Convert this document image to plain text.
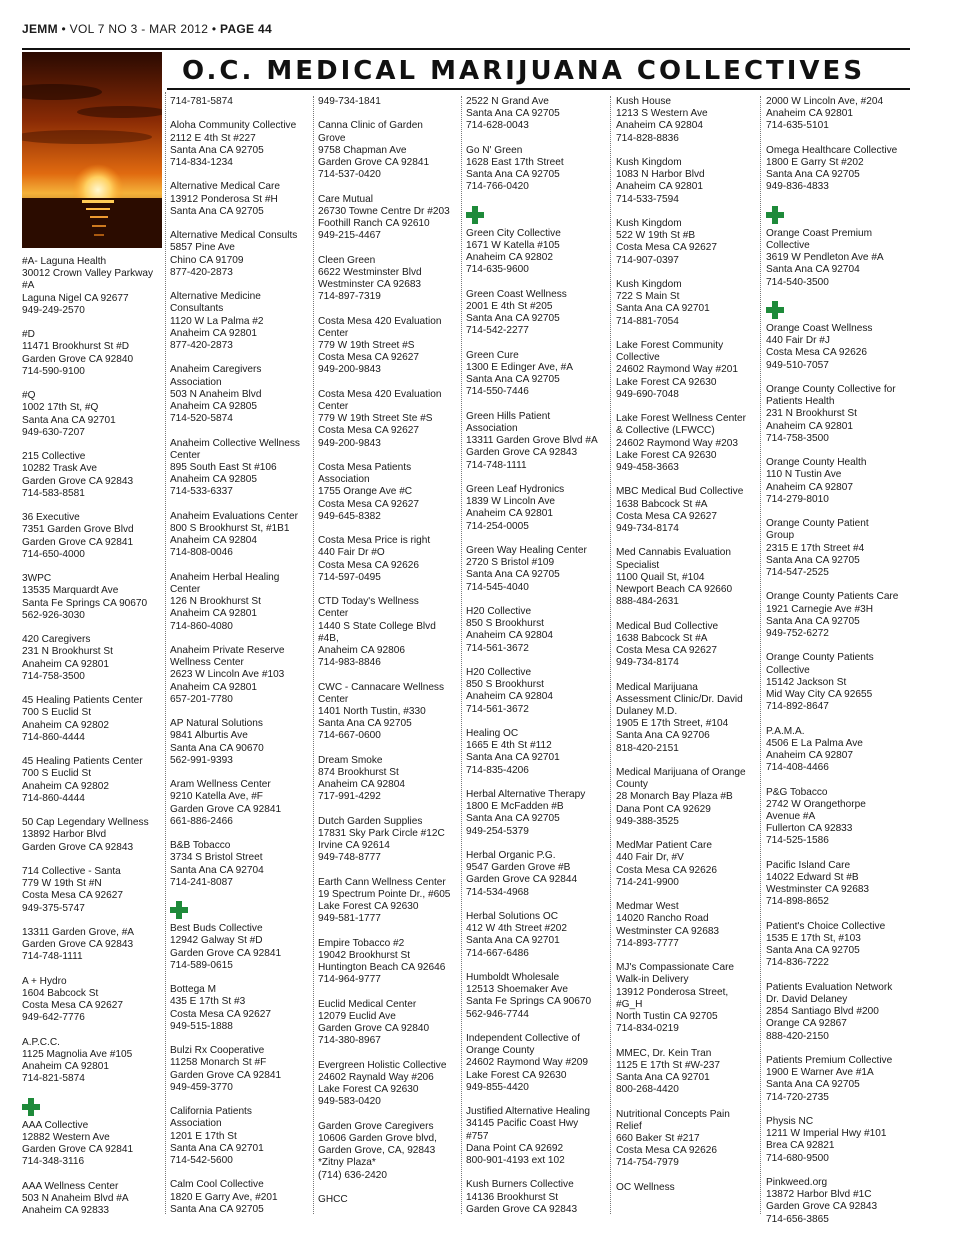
JEMM • VOL 7 NO 3 - MAR 2012 • PAGE 44
O.C. MEDICAL MARIJUANA COLLECTIVES
#A- Laguna Health
30012 Crown Valley Parkway
#A
Laguna Nigel CA 92677
949-249-2570
#D
11471 Brookhurst St #D
Garden Grove CA 92840
714-590-9100
#Q
1002 17th St, #Q
Santa Ana CA 92701
949-630-7207
215 Collective
10282 Trask Ave
Garden Grove CA 92843
714-583-8581
36 Executive
7351 Garden Grove Blvd
Garden Grove CA 92841
714-650-4000
3WPC
13535 Marquardt Ave
Santa Fe Springs CA 90670
562-926-3030
420 Caregivers
231 N Brookhurst St
Anaheim CA 92801
714-758-3500
45 Healing Patients Center
700 S Euclid St
Anaheim CA 92802
714-860-4444
45 Healing Patients Center
700 S Euclid St
Anaheim CA 92802
714-860-4444
50 Cap Legendary Wellness
13892 Harbor Blvd
Garden Grove CA 92843
714 Collective - Santa
779 W 19th St #N
Costa Mesa CA 92627
949-375-5747
13311 Garden Grove, #A
Garden Grove CA 92843
714-748-1111
A + Hydro
1604 Babcock St
Costa Mesa CA 92627
949-642-7776
A.P.C.C.
1125 Magnolia Ave #105
Anaheim CA 92801
714-821-5874
AAA Collective
12882 Western Ave
Garden Grove CA 92841
714-348-3116
AAA Wellness Center
503 N Anaheim Blvd #A
Anaheim CA 92833
714-781-5874
Aloha Community Collective
2112 E 4th St #227
Santa Ana CA 92705
714-834-1234
Alternative Medical Care
13912 Ponderosa St #H
Santa Ana CA 92705
Alternative Medical Consults
5857 Pine Ave
Chino CA 91709
877-420-2873
Alternative Medicine
Consultants
1120 W La Palma #2
Anaheim CA 92801
877-420-2873
Anaheim Caregivers
Association
503 N Anaheim Blvd
Anaheim CA 92805
714-520-5874
Anaheim Collective Wellness
Center
895 South East St #106
Anaheim CA 92805
714-533-6337
Anaheim Evaluations Center
800 S Brookhurst St, #1B1
Anaheim CA 92804
714-808-0046
Anaheim Herbal Healing
Center
126 N Brookhurst St
Anaheim CA 92801
714-860-4080
Anaheim Private Reserve
Wellness Center
2623 W Lincoln Ave #103
Anaheim CA 92801
657-201-7780
AP Natural Solutions
9841 Alburtis Ave
Santa Ana CA 90670
562-991-9393
Aram Wellness Center
9210 Katella Ave, #F
Garden Grove CA 92841
661-886-2466
B&B Tobacco
3734 S Bristol Street
Santa Ana CA 92704
714-241-8087
Best Buds Collective
12942 Galway St #D
Garden Grove CA 92841
714-589-0615
Bottega M
435 E 17th St #3
Costa Mesa CA 92627
949-515-1888
Bulzi Rx Cooperative
11258 Monarch St #F
Garden Grove CA 92841
949-459-3770
California Patients
Association
1201 E 17th St
Santa Ana CA 92701
714-542-5600
Calm Cool Collective
1820 E Garry Ave, #201
Santa Ana CA 92705
949-734-1841
Canna Clinic of Garden
Grove
9758 Chapman Ave
Garden Grove CA 92841
714-537-0420
Care Mutual
26730 Towne Centre Dr #203
Foothill Ranch CA 92610
949-215-4467
Cleen Green
6622 Westminster Blvd
Westminster CA 92683
714-897-7319
Costa Mesa 420 Evaluation
Center
779 W 19th Street #S
Costa Mesa CA 92627
949-200-9843
Costa Mesa 420 Evaluation
Center
779 W 19th Street Ste #S
Costa Mesa CA 92627
949-200-9843
Costa Mesa Patients
Association
1755 Orange Ave #C
Costa Mesa CA 92627
949-645-8382
Costa Mesa Price is right
440 Fair Dr #O
Costa Mesa CA 92626
714-597-0495
CTD Today's Wellness
Center
1440 S State College Blvd
#4B,
Anaheim CA 92806
714-983-8846
CWC - Cannacare Wellness
Center
1401 North Tustin, #330
Santa Ana CA 92705
714-667-0600
Dream Smoke
874 Brookhurst St
Anaheim CA 92804
717-991-4292
Dutch Garden Supplies
17831 Sky Park Circle #12C
Irvine CA 92614
949-748-8777
Earth Cann Wellness Center
19 Spectrum Pointe Dr., #605
Lake Forest CA 92630
949-581-1777
Empire Tobacco #2
19042 Brookhurst St
Huntington Beach CA 92646
714-964-9777
Euclid Medical Center
12079 Euclid Ave
Garden Grove CA 92840
714-380-8967
Evergreen Holistic Collective
24602 Raynald Way #206
Lake Forest CA 92630
949-583-0420
Garden Grove Caregivers
10606 Garden Grove blvd,
Garden Grove, CA, 92843
*Zitny Plaza*
(714) 636-2420
GHCC
2522 N Grand Ave
Santa Ana CA 92705
714-628-0043
Go N' Green
1628 East 17th Street
Santa Ana CA 92705
714-766-0420
Green City Collective
1671 W Katella #105
Anaheim CA 92802
714-635-9600
Green Coast Wellness
2001 E 4th St #205
Santa Ana CA 92705
714-542-2277
Green Cure
1300 E Edinger Ave, #A
Santa Ana CA 92705
714-550-7446
Green Hills Patient
Association
13311 Garden Grove Blvd #A
Garden Grove CA 92843
714-748-1111
Green Leaf Hydronics
1839 W Lincoln Ave
Anaheim CA 92801
714-254-0005
Green Way Healing Center
2720 S Bristol #109
Santa Ana CA 92705
714-545-4040
H20 Collective
850 S Brookhurst
Anaheim CA 92804
714-561-3672
H20 Collective
850 S Brookhurst
Anaheim CA 92804
714-561-3672
Healing OC
1665 E 4th St #112
Santa Ana CA 92701
714-835-4206
Herbal Alternative Therapy
1800 E McFadden #B
Santa Ana CA 92705
949-254-5379
Herbal Organic P.G.
9547 Garden Grove #B
Garden Grove CA 92844
714-534-4968
Herbal Solutions OC
412 W 4th Street #202
Santa Ana CA 92701
714-667-6486
Humboldt Wholesale
12513 Shoemaker Ave
Santa Fe Springs CA 90670
562-946-7744
Independent Collective of
Orange County
24602 Raymond Way #209
Lake Forest CA 92630
949-855-4420
Justified Alternative Healing
34145 Pacific Coast Hwy
#757
Dana Point CA 92692
800-901-4193 ext 102
Kush Burners Collective
14136 Brookhurst St
Garden Grove CA 92843
Kush House
1213 S Western Ave
Anaheim CA 92804
714-828-8836
Kush Kingdom
1083 N Harbor Blvd
Anaheim CA 92801
714-533-7594
Kush Kingdom
522 W 19th St #B
Costa Mesa CA 92627
714-907-0397
Kush Kingdom
722 S Main St
Santa Ana CA 92701
714-881-7054
Lake Forest Community
Collective
24602 Raymond Way #201
Lake Forest CA 92630
949-690-7048
Lake Forest Wellness Center
& Collective (LFWCC)
24602 Raymond Way #203
Lake Forest CA 92630
949-458-3663
MBC Medical Bud Collective
1638 Babcock St #A
Costa Mesa CA 92627
949-734-8174
Med Cannabis Evaluation
Specialist
1100 Quail St, #104
Newport Beach CA 92660
888-484-2631
Medical Bud Collective
1638 Babcock St #A
Costa Mesa CA 92627
949-734-8174
Medical Marijuana
Assessment Clinic/Dr. David
Dulaney M.D.
1905 E 17th Street, #104
Santa Ana CA 92706
818-420-2151
Medical Marijuana of Orange
County
28 Monarch Bay Plaza #B
Dana Pont CA 92629
949-388-3525
MedMar Patient Care
440 Fair Dr, #V
Costa Mesa CA 92626
714-241-9900
Medmar West
14020 Rancho Road
Westminster CA 92683
714-893-7777
MJ's Compassionate Care
Walk-in Delivery
13912 Ponderosa Street,
#G_H
North Tustin CA 92705
714-834-0219
MMEC, Dr. Kein Tran
1125 E 17th St #W-237
Santa Ana CA 92701
800-268-4420
Nutritional Concepts Pain
Relief
660 Baker St #217
Costa Mesa CA 92626
714-754-7979
OC Wellness
2000 W Lincoln Ave, #204
Anaheim CA 92801
714-635-5101
Omega Healthcare Collective
1800 E Garry St #202
Santa Ana CA 92705
949-836-4833
Orange Coast Premium
Collective
3619 W Pendleton Ave #A
Santa Ana CA 92704
714-540-3500
Orange Coast Wellness
440 Fair Dr #J
Costa Mesa CA 92626
949-510-7057
Orange County Collective for
Patients Health
231 N Brookhurst St
Anaheim CA 92801
714-758-3500
Orange County Health
110 N Tustin Ave
Anaheim CA 92807
714-279-8010
Orange County Patient
Group
2315 E 17th Street #4
Santa Ana CA 92705
714-547-2525
Orange County Patients Care
1921 Carnegie Ave #3H
Santa Ana CA 92705
949-752-6272
Orange County Patients
Collective
15142 Jackson St
Mid Way City CA 92655
714-892-8647
P.A.M.A.
4506 E La Palma Ave
Anaheim CA 92807
714-408-4466
P&G Tobacco
2742 W Orangethorpe
Avenue #A
Fullerton CA 92833
714-525-1586
Pacific Island Care
14022 Edward St #B
Westminster CA 92683
714-898-8652
Patient's Choice Collective
1535 E 17th St, #103
Santa Ana CA 92705
714-836-7222
Patients Evaluation Network
Dr. David Delaney
2854 Santiago Blvd #200
Orange CA 92867
888-420-2150
Patients Premium Collective
1900 E Warner Ave #1A
Santa Ana CA 92705
714-720-2735
Physis NC
1211 W Imperial Hwy #101
Brea CA 92821
714-680-9500
Pinkweed.org
13872 Harbor Blvd #1C
Garden Grove CA 92843
714-656-3865
